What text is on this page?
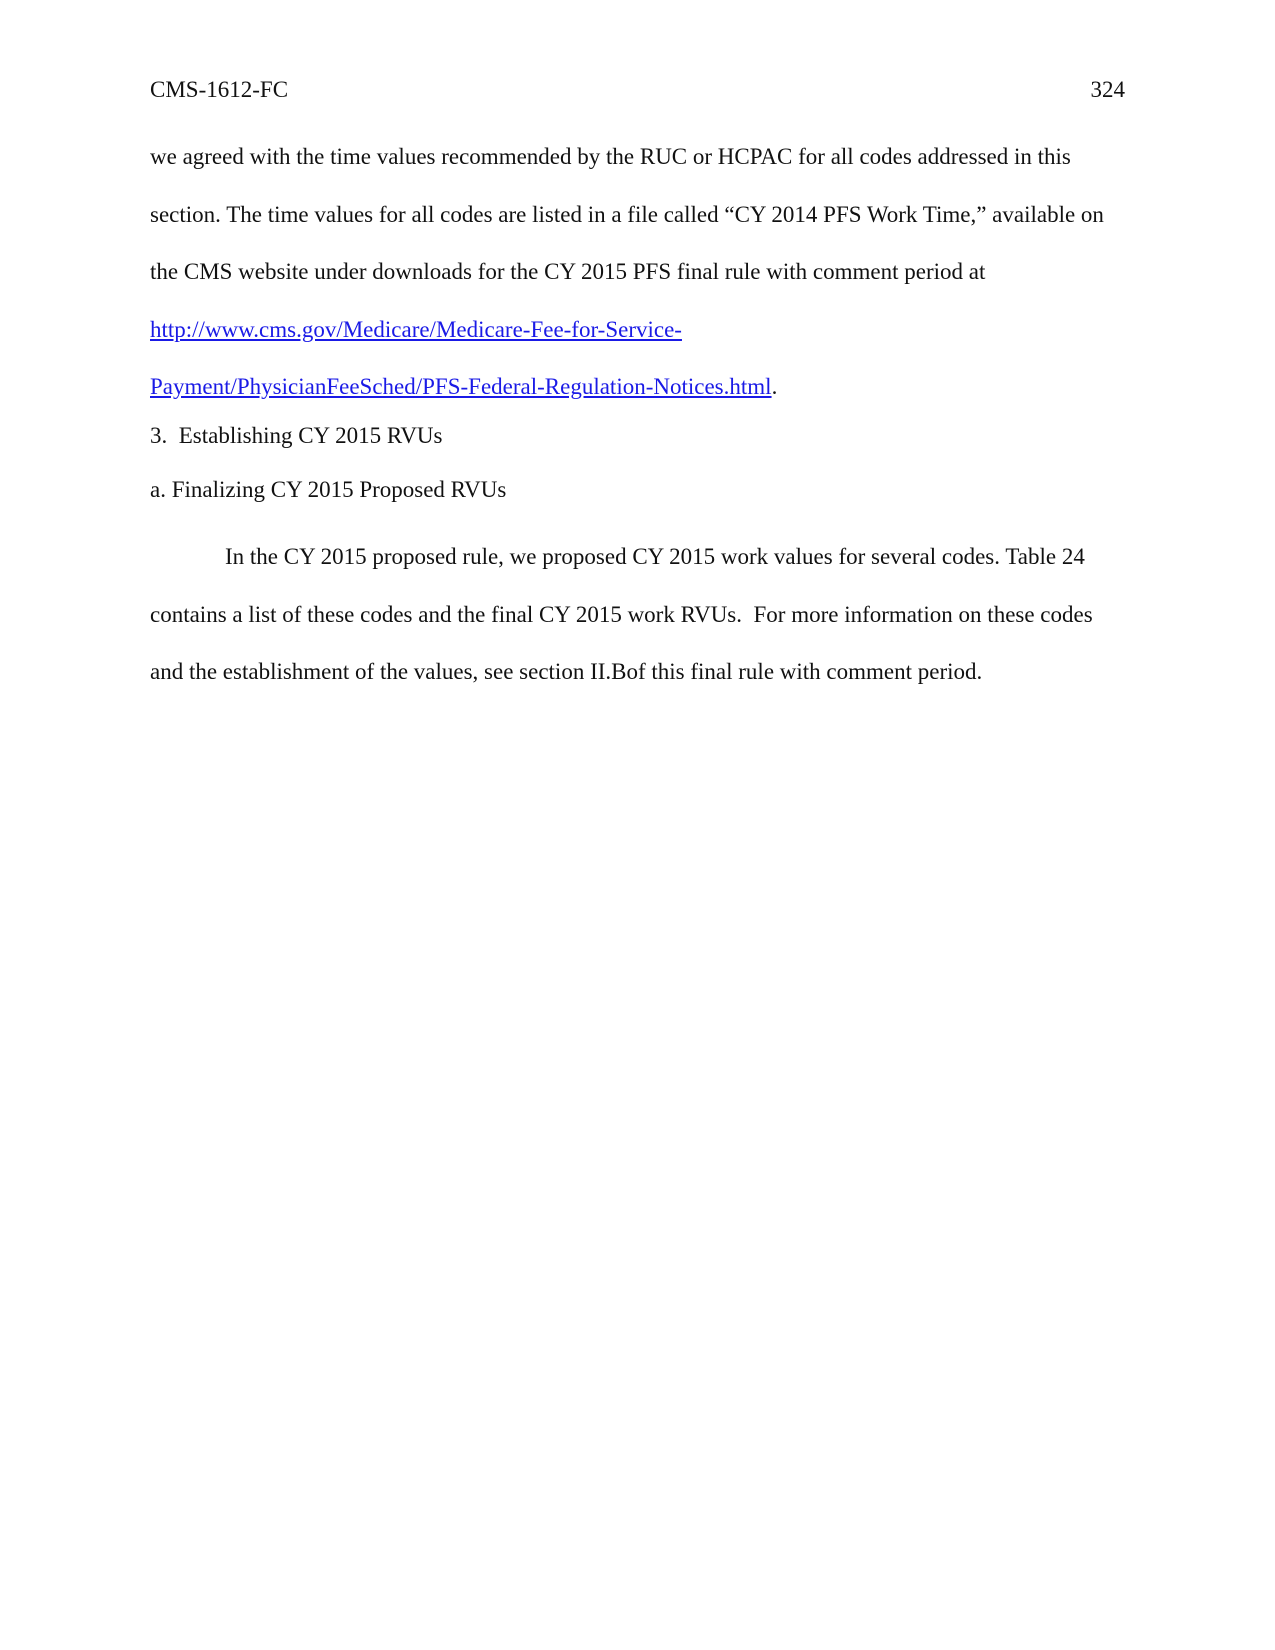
CMS-1612-FC	324
we agreed with the time values recommended by the RUC or HCPAC for all codes addressed in this section. The time values for all codes are listed in a file called “CY 2014 PFS Work Time,” available on the CMS website under downloads for the CY 2015 PFS final rule with comment period at http://www.cms.gov/Medicare/Medicare-Fee-for-Service-
Payment/PhysicianFeeSched/PFS-Federal-Regulation-Notices.html.
3.  Establishing CY 2015 RVUs
a. Finalizing CY 2015 Proposed RVUs
In the CY 2015 proposed rule, we proposed CY 2015 work values for several codes. Table 24 contains a list of these codes and the final CY 2015 work RVUs.  For more information on these codes and the establishment of the values, see section II.Bof this final rule with comment period.
